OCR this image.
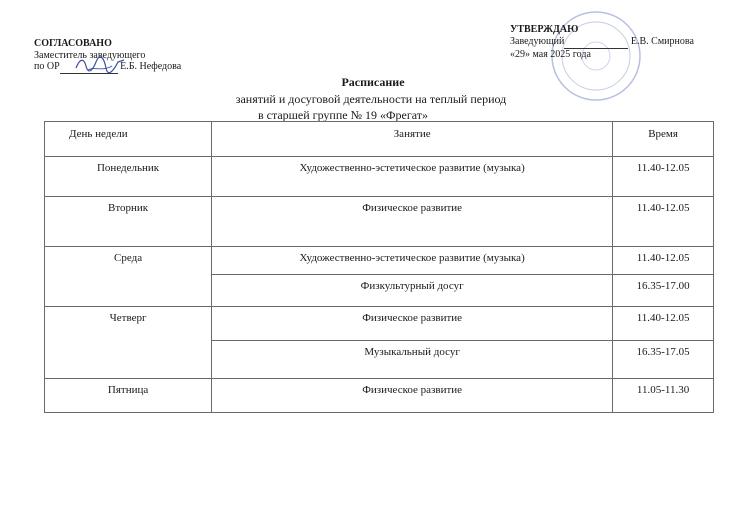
СОГЛАСОВАНО
Заместитель заведующего
по ОР	Е.Б. Нефедова
УТВЕРЖДАЮ
Заведующий	Е.В. Смирнова
«29» мая 2025 года
Расписание
занятий и досуговой деятельности на теплый период
в старшей группе № 19 «Фрегат»
День недели	Занятие	Время
Понедельник	Художественно-эстетическое развитие (музыка)	11.40-12.05
Вторник	Физическое развитие	11.40-12.05
Среда	Художественно-эстетическое развитие (музыка)	11.40-12.05
	Физкультурный досуг	16.35-17.00
Четверг	Физическое развитие	11.40-12.05
	Музыкальный досуг	16.35-17.05
Пятница	Физическое развитие	11.05-11.30
